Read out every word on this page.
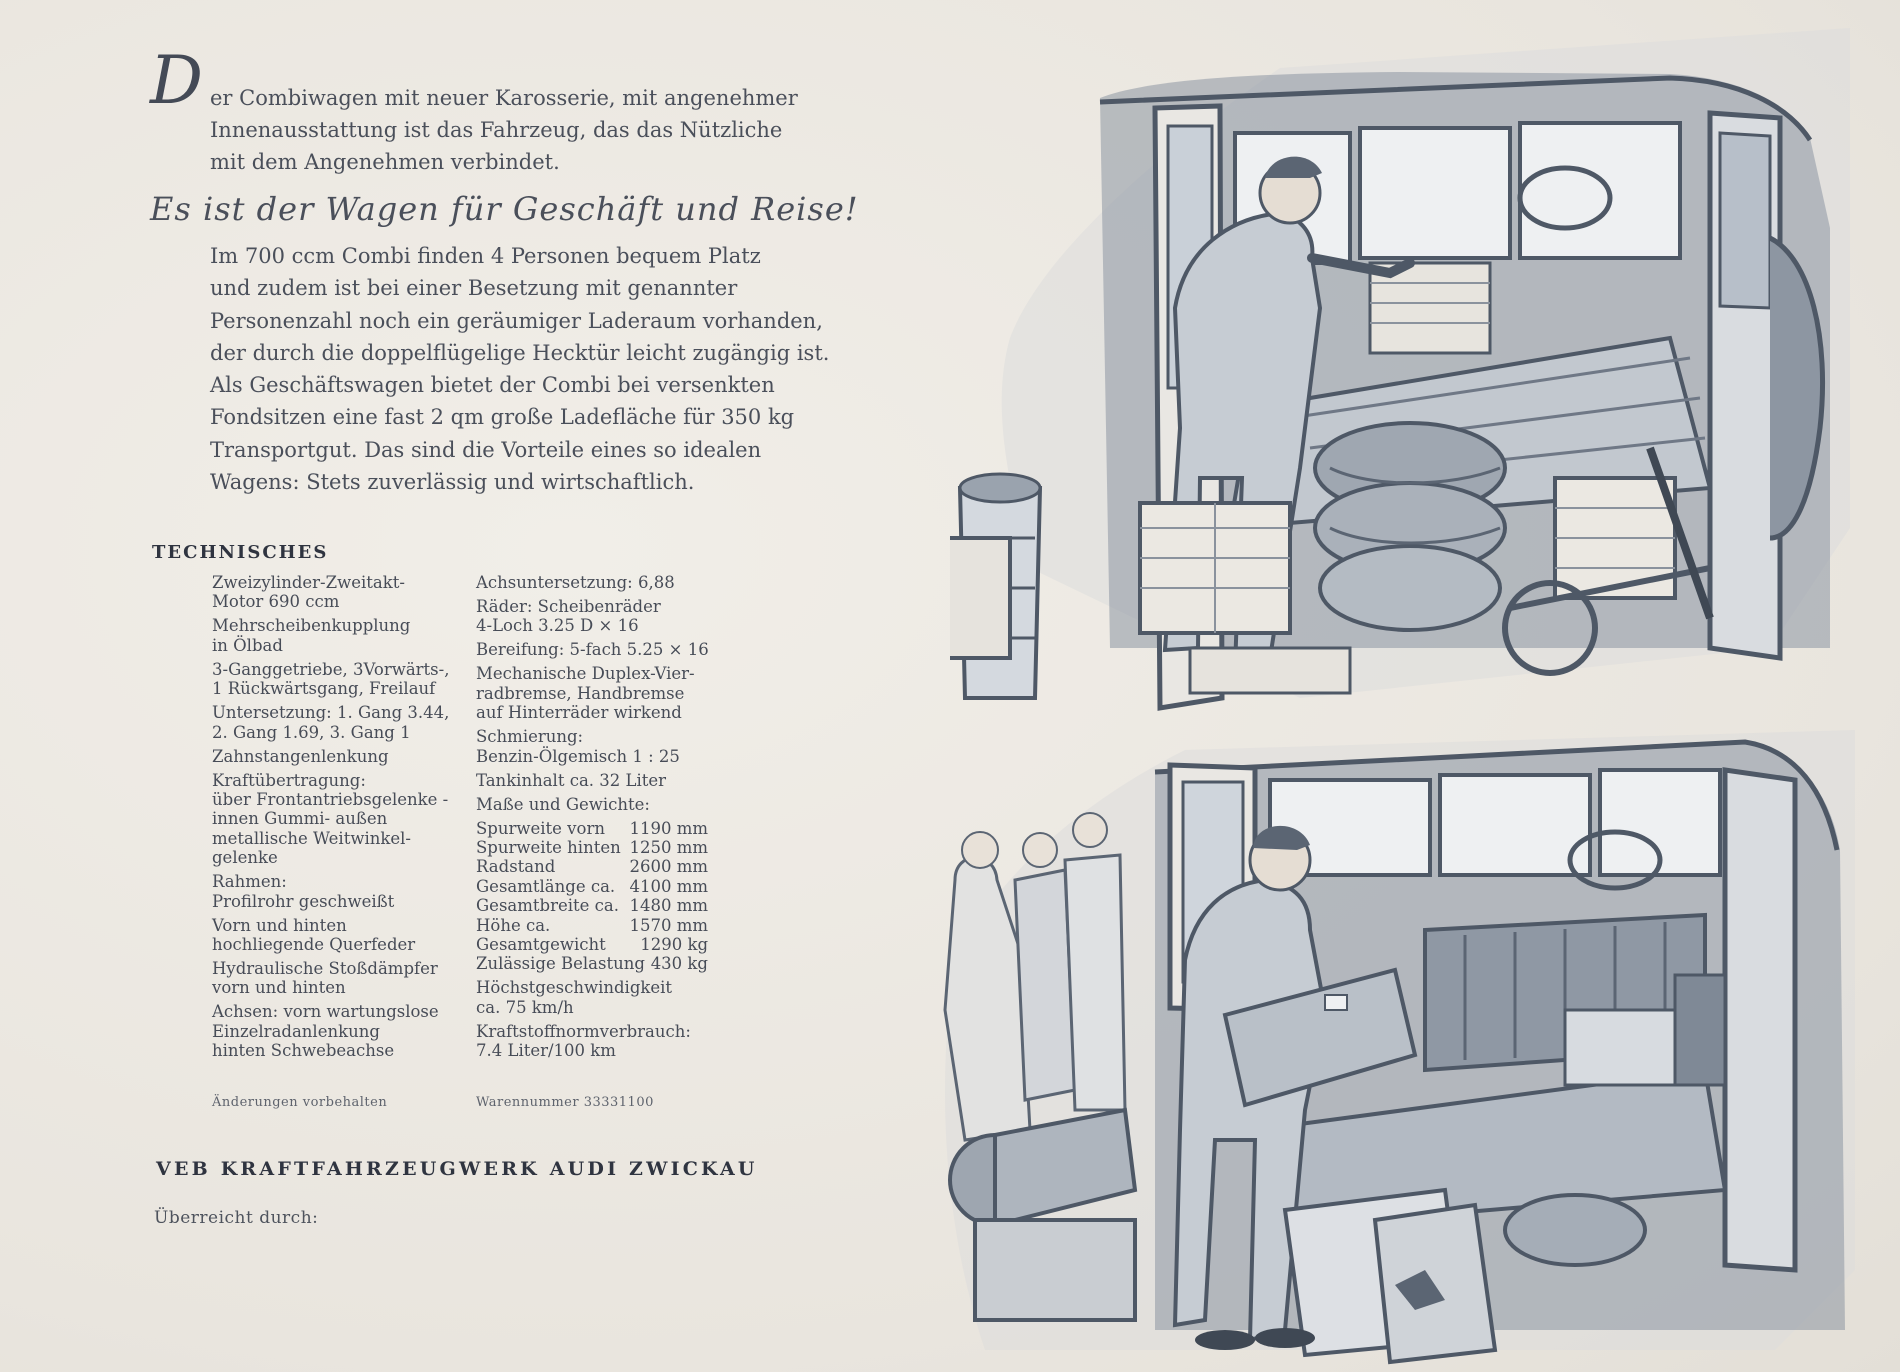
D er Combiwagen mit neuer Karosserie, mit angenehmer
Innenausstattung ist das Fahrzeug, das das Nützliche
mit dem Angenehmen verbindet.
Es ist der Wagen für Geschäft und Reise!
Im 700 ccm Combi finden 4 Personen bequem Platz
und zudem ist bei einer Besetzung mit genannter
Personenzahl noch ein geräumiger Laderaum vorhanden,
der durch die doppelflügelige Hecktür leicht zugängig ist.
Als Geschäftswagen bietet der Combi bei versenkten
Fondsitzen eine fast 2 qm große Ladefläche für 350 kg
Transportgut. Das sind die Vorteile eines so idealen
Wagens: Stets zuverlässig und wirtschaftlich.
TECHNISCHES
Zweizylinder-Zweitakt-
Motor 690 ccm
Mehrscheibenkupplung
in Ölbad
3-Ganggetriebe, 3Vorwärts-,
1 Rückwärtsgang, Freilauf
Untersetzung: 1. Gang 3.44,
2. Gang 1.69, 3. Gang 1
Zahnstangenlenkung
Kraftübertragung:
über Frontantriebsgelenke -
innen Gummi- außen
metallische Weitwinkel-
gelenke
Rahmen:
Profilrohr geschweißt
Vorn und hinten
hochliegende Querfeder
Hydraulische Stoßdämpfer
vorn und hinten
Achsen: vorn wartungslose
Einzelradanlenkung
hinten Schwebeachse
Achsuntersetzung: 6,88
Räder: Scheibenräder
4-Loch 3.25 D × 16
Bereifung: 5-fach 5.25 × 16
Mechanische Duplex-Vier-
radbremse, Handbremse
auf Hinterräder wirkend
Schmierung:
Benzin-Ölgemisch 1 : 25
Tankinhalt ca. 32 Liter
Maße und Gewichte:
Spurweite vorn 1190 mm
Spurweite hinten 1250 mm
Radstand	2600 mm
Gesamtlänge ca. 4100 mm
Gesamtbreite ca. 1480 mm
Höhe ca.	1570 mm
Gesamtgewicht 1290 kg
Zulässige Belastung 430 kg
Höchstgeschwindigkeit
ca. 75 km/h
Kraftstoffnormverbrauch:
7.4 Liter/100 km
Änderungen vorbehalten	Warennummer 33331100
VEB KRAFTFAHRZEUGWERK AUDI ZWICKAU
Überreicht durch:
